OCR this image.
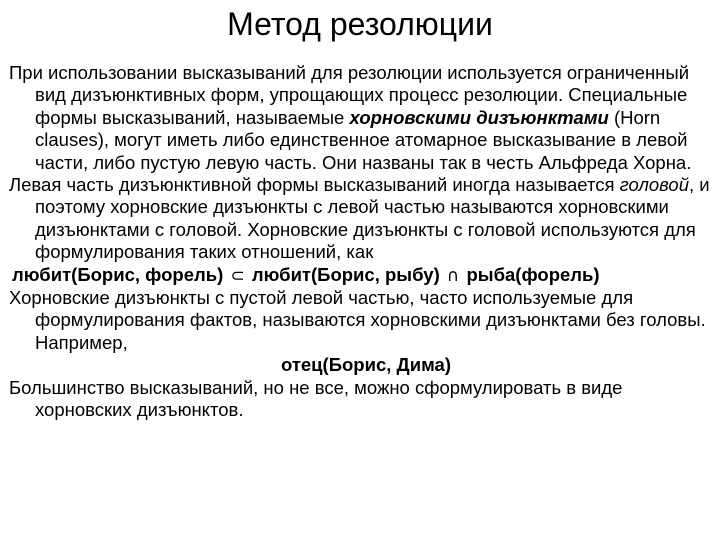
Метод резолюции

При использовании высказываний для резолюции используется ограниченный вид дизъюнктивных форм, упрощающих процесс резолюции. Специальные формы высказываний, называемые хорновскими дизъюнктами (Horn clauses), могут иметь либо единственное атомарное высказывание в левой части, либо пустую левую часть. Они названы так в честь Альфреда Хорна.

Левая часть дизъюнктивной формы высказываний иногда называется головой, и поэтому хорновские дизъюнкты с левой частью называются хорновскими дизъюнктами с головой. Хорновские дизъюнкты с головой используются для формулирования таких отношений, как

любит(Борис, форель) ⊂ любит(Борис, рыбу) ∩ рыба(форель)

Хорновские дизъюнкты с пустой левой частью, часто используемые для формулирования фактов, называются хорновскими дизъюнктами без головы. Например,

отец(Борис, Дима)

Большинство высказываний, но не все, можно сформулировать в виде хорновских дизъюнктов.
